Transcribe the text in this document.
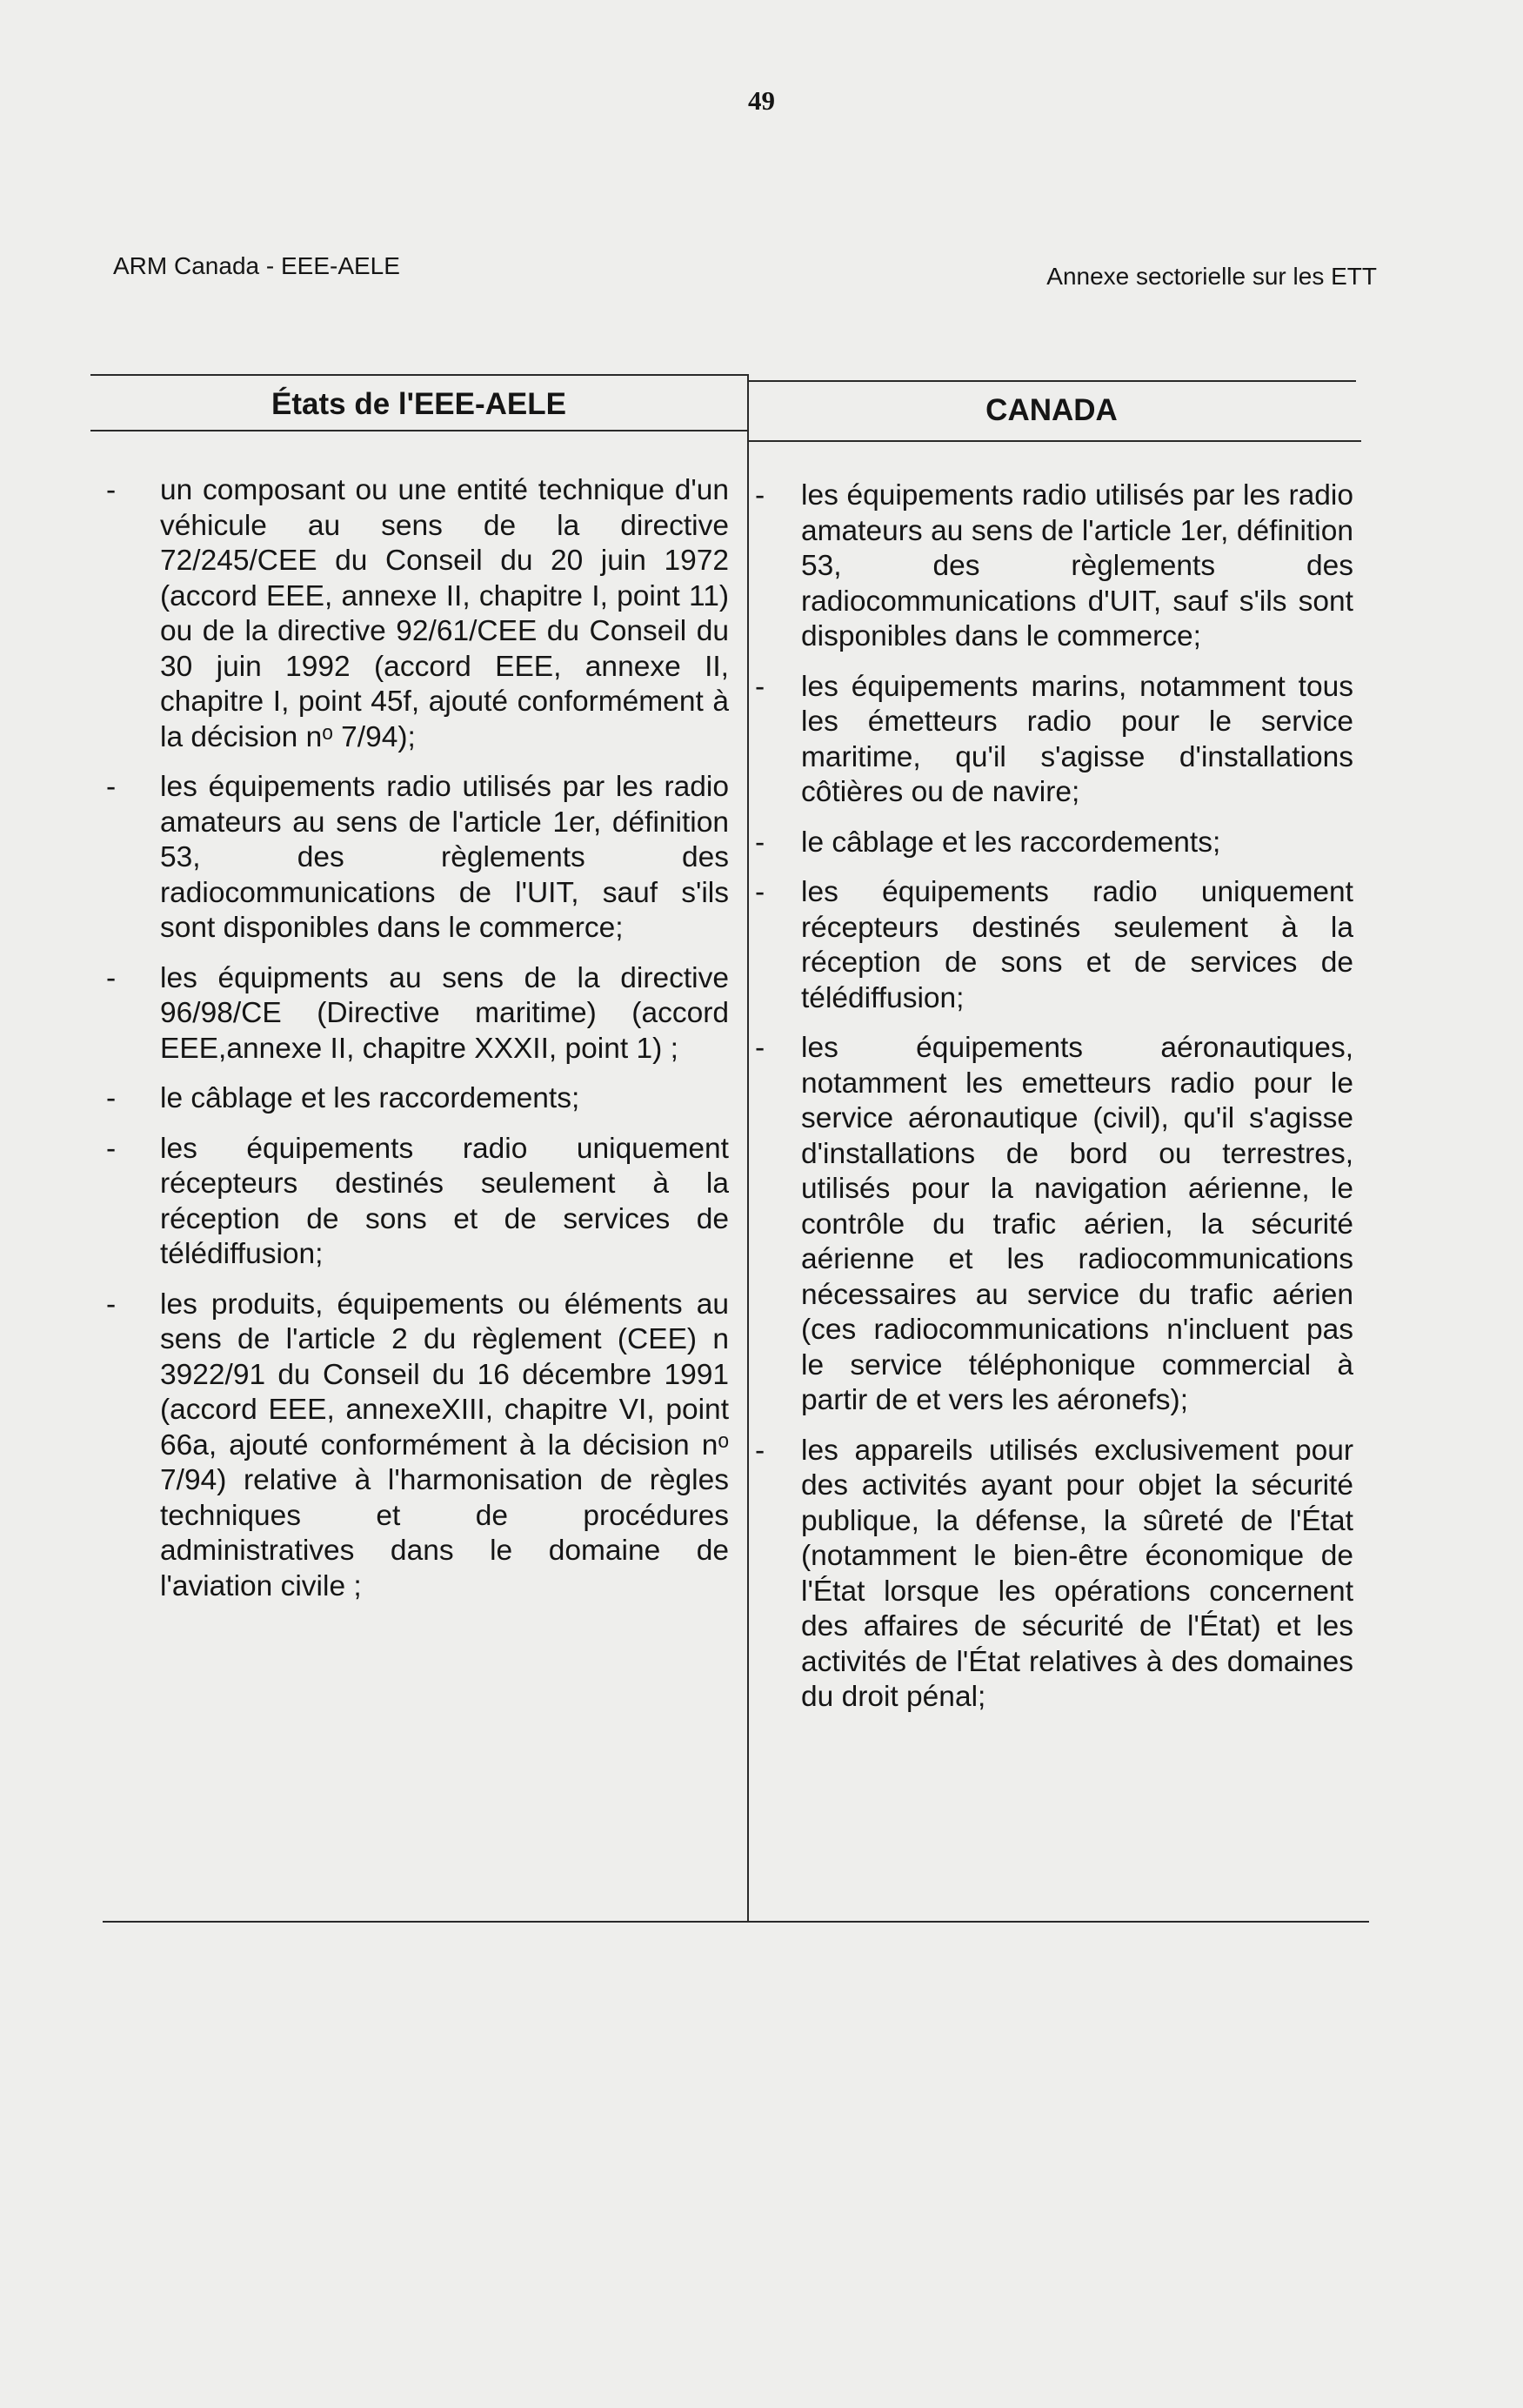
49
ARM Canada - EEE-AELE	Annexe sectorielle sur les ETT
États de l'EEE-AELE	CANADA
- un composant ou une entité technique d'un véhicule au sens de la directive 72/245/CEE du Conseil du 20 juin 1972 (accord EEE, annexe II, chapitre I, point 11) ou de la directive 92/61/CEE du Conseil du 30 juin 1992 (accord EEE, annexe II, chapitre I, point 45f, ajouté conformément à la décision nᵒ 7/94);
- les équipements radio utilisés par les radio amateurs au sens de l'article 1er, définition 53, des règlements des radiocommunications de l'UIT, sauf s'ils sont disponibles dans le commerce;
- les équipments au sens de la directive 96/98/CE (Directive maritime) (accord EEE,annexe II, chapitre XXXII, point 1) ;
- le câblage et les raccordements;
- les équipements radio uniquement récepteurs destinés seulement à la réception de sons et de services de télédiffusion;
- les produits, équipements ou éléments au sens de l'article 2 du règlement (CEE) n 3922/91 du Conseil du 16 décembre 1991 (accord EEE, annexeXIII, chapitre VI, point 66a, ajouté conformément à la décision nᵒ 7/94) relative à l'harmonisation de règles techniques et de procédures administratives dans le domaine de l'aviation civile ;
- les équipements radio utilisés par les radio amateurs au sens de l'article 1er, définition 53, des règlements des radiocommunications d'UIT, sauf s'ils sont disponibles dans le commerce;
- les équipements marins, notamment tous les émetteurs radio pour le service maritime, qu'il s'agisse d'installations côtières ou de navire;
- le câblage et les raccordements;
- les équipements radio uniquement récepteurs destinés seulement à la réception de sons et de services de télédiffusion;
- les équipements aéronautiques, notamment les emetteurs radio pour le service aéronautique (civil), qu'il s'agisse d'installations de bord ou terrestres, utilisés pour la navigation aérienne, le contrôle du trafic aérien, la sécurité aérienne et les radiocommunications nécessaires au service du trafic aérien (ces radiocommunications n'incluent pas le service téléphonique commercial à partir de et vers les aéronefs);
- les appareils utilisés exclusivement pour des activités ayant pour objet la sécurité publique, la défense, la sûreté de l'État (notamment le bien-être économique de l'État lorsque les opérations concernent des affaires de sécurité de l'État) et les activités de l'État relatives à des domaines du droit pénal;
